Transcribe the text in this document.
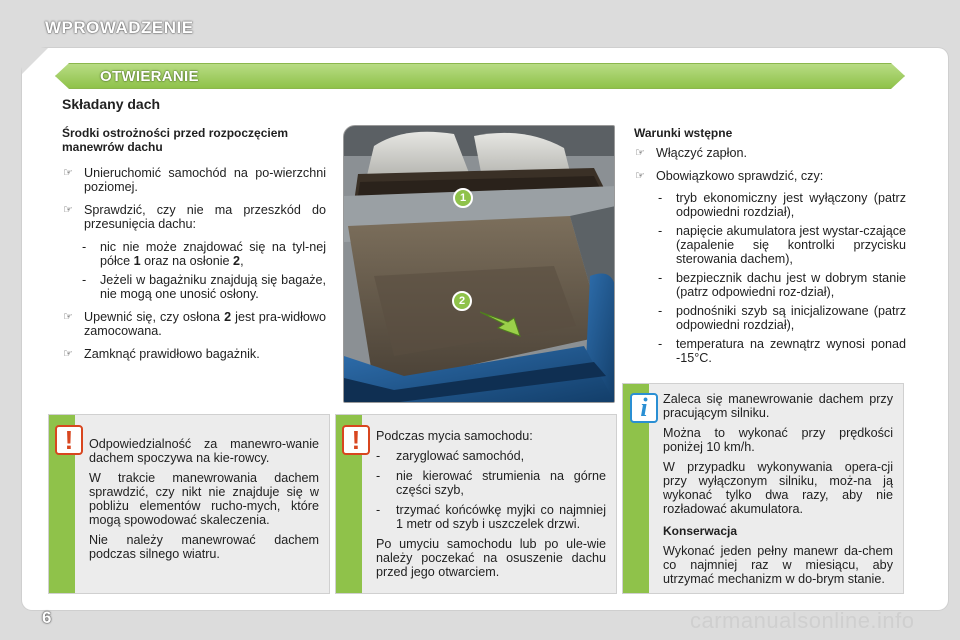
WPROWADZENIE
OTWIERANIE
Składany dach
Środki ostrożności przed rozpoczęciem manewrów dachu
☞ Unieruchomić samochód na po-wierzchni poziomej.
☞ Sprawdzić, czy nie ma przeszkód do przesunięcia dachu:
- nic nie może znajdować się na tyl-nej półce 1 oraz na osłonie 2,
- Jeżeli w bagażniku znajdują się bagaże, nie mogą one unosić osłony.
☞ Upewnić się, czy osłona 2 jest pra-widłowo zamocowana.
☞ Zamknąć prawidłowo bagażnik.
1
2
Warunki wstępne
☞ Włączyć zapłon.
☞ Obowiązkowo sprawdzić, czy:
- tryb ekonomiczny jest wyłączony (patrz odpowiedni rozdział),
- napięcie akumulatora jest wystar-czające (zapalenie się kontrolki przycisku sterowania dachem),
- bezpiecznik dachu jest w dobrym stanie (patrz odpowiedni roz-dział),
- podnośniki szyb są inicjalizowane (patrz odpowiedni rozdział),
- temperatura na zewnątrz wynosi ponad -15°C.

Odpowiedzialność za manewro-wanie dachem spoczywa na kie-rowcy.

W trakcie manewrowania dachem sprawdzić, czy nikt nie znajduje się w pobliżu elementów rucho-mych, które mogą spowodować skaleczenia.

Nie należy manewrować dachem podczas silnego wiatru.

!	Podczas mycia samochodu:

- zaryglować samochód,
- nie kierować strumienia na górne części szyb,
- trzymać końcówkę myjki co najmniej 1 metr od szyb i uszczelek drzwi.

Po umyciu samochodu lub po ule-wie należy poczekać na osuszenie dachu przed jego otwarciem.

!

Zaleca się manewrowanie dachem przy pracującym silniku.

Można to wykonać przy prędkości poniżej 10 km/h.

W przypadku wykonywania opera-cji przy wyłączonym silniku, moż-na ją wykonać tylko dwa razy, aby nie rozładować akumulatora.

Konserwacja

Wykonać jeden pełny manewr da-chem co najmniej raz w miesiącu, aby utrzymać mechanizm w do-brym stanie.

i
6	carmanualsonline.info
